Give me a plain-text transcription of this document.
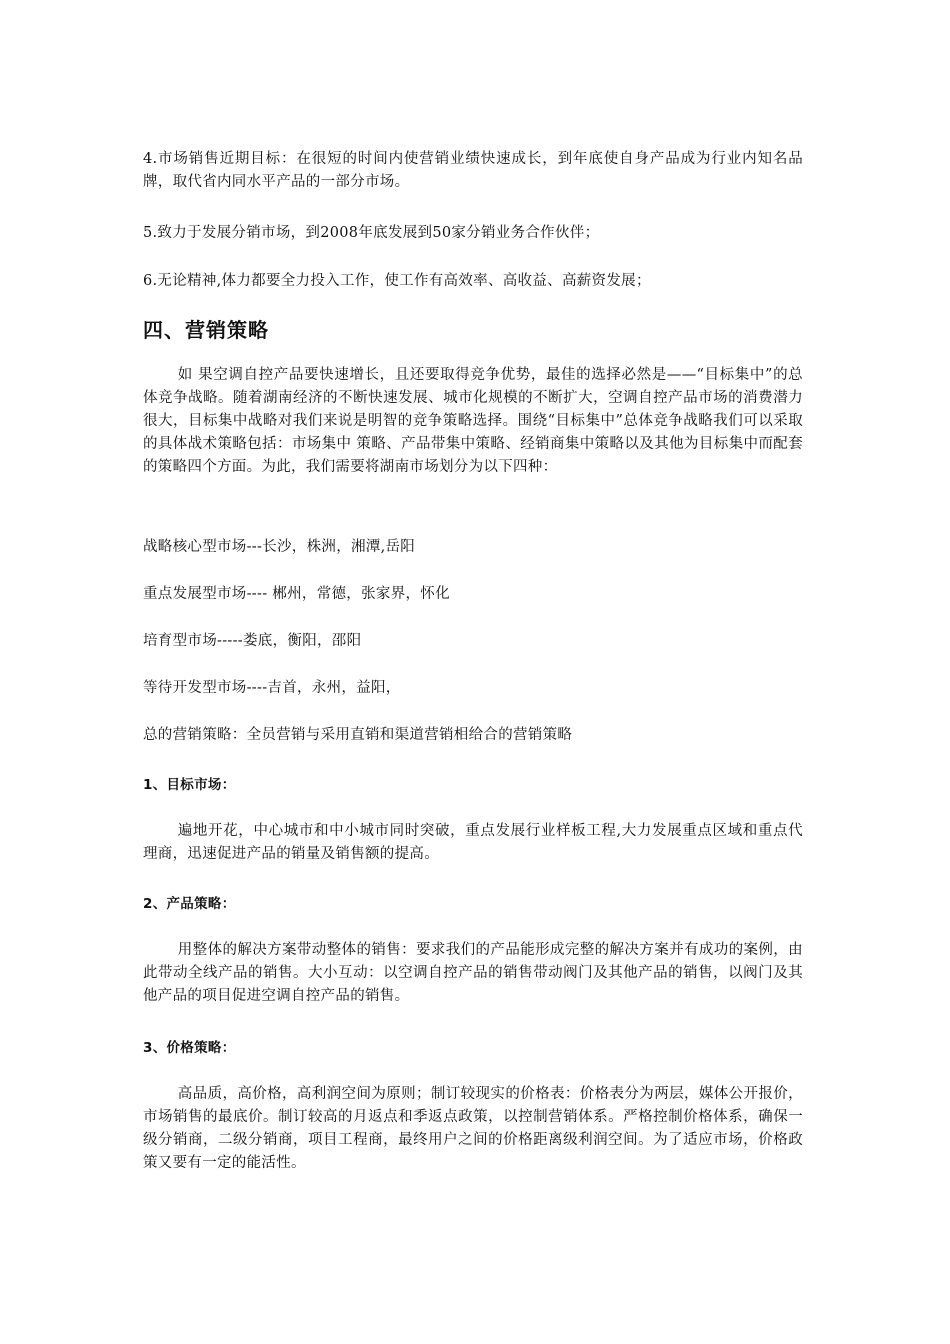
4.市场销售近期目标：在很短的时间内使营销业绩快速成长，到年底使自身产品成为行业内知名品牌，取代省内同水平产品的一部分市场。

5.致力于发展分销市场，到2008年底发展到50家分销业务合作伙伴；

6.无论精神,体力都要全力投入工作，使工作有高效率、高收益、高薪资发展；

四、营销策略

如 果空调自控产品要快速增长，且还要取得竞争优势，最佳的选择必然是——“目标集中”的总体竞争战略。随着湖南经济的不断快速发展、城市化规模的不断扩大，空调自控产品市场的消费潜力很大，目标集中战略对我们来说是明智的竞争策略选择。围绕“目标集中”总体竞争战略我们可以采取的具体战术策略包括：市场集中 策略、产品带集中策略、经销商集中策略以及其他为目标集中而配套的策略四个方面。为此，我们需要将湖南市场划分为以下四种：

战略核心型市场---长沙，株洲，湘潭,岳阳

重点发展型市场---- 郴州，常德，张家界，怀化

培育型市场-----娄底，衡阳，邵阳

等待开发型市场----吉首，永州，益阳，

总的营销策略：全员营销与采用直销和渠道营销相给合的营销策略

1、目标市场：

遍地开花，中心城市和中小城市同时突破，重点发展行业样板工程,大力发展重点区域和重点代理商，迅速促进产品的销量及销售额的提高。

2、产品策略：

用整体的解决方案带动整体的销售：要求我们的产品能形成完整的解决方案并有成功的案例，由此带动全线产品的销售。大小互动：以空调自控产品的销售带动阀门及其他产品的销售，以阀门及其他产品的项目促进空调自控产品的销售。

3、价格策略：

高品质，高价格，高利润空间为原则；制订较现实的价格表：价格表分为两层，媒体公开报价，市场销售的最底价。制订较高的月返点和季返点政策，以控制营销体系。严格控制价格体系，确保一级分销商，二级分销商，项目工程商，最终用户之间的价格距离级利润空间。为了适应市场，价格政策又要有一定的能活性。
